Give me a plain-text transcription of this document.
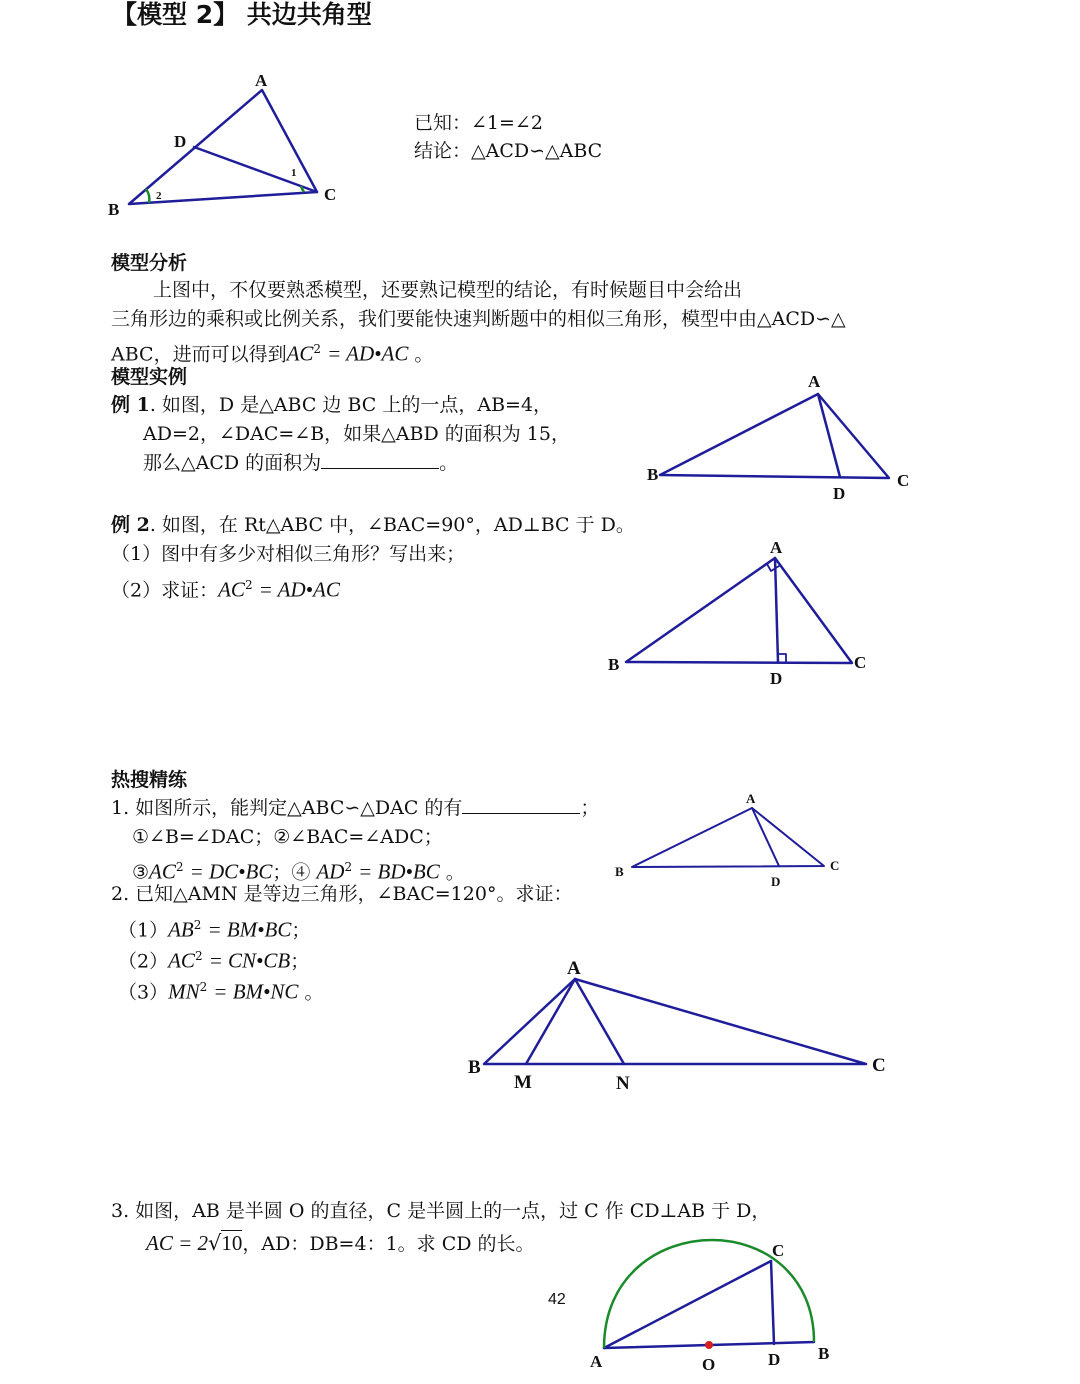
【模型 2】 共边共角型
已知：∠1=∠2
结论：△ACD∽△ABC
模型分析
上图中，不仅要熟悉模型，还要熟记模型的结论，有时候题目中会给出
三角形边的乘积或比例关系，我们要能快速判断题中的相似三角形，模型中由△ACD∽△
ABC，进而可以得到$AC^2$ = AD•AC 。
模型实例
例 1. 如图，D 是△ABC 边 BC 上的一点，AB=4，
AD=2，∠DAC=∠B，如果△ABD 的面积为 15，
那么△ACD 的面积为	。
例 2. 如图，在 Rt△ABC 中，∠BAC=90°，AD⊥BC 于 D。
（1）图中有多少对相似三角形？写出来；
（2）求证：$AC^2$ = AD•AC
热搜精练
1. 如图所示，能判定△ABC∽△DAC 的有	；
①∠B=∠DAC；②∠BAC=∠ADC；
$③AC^2$ = DC•BC；④ $AD^2$ = BD•BC 。
2. 已知△AMN 是等边三角形，∠BAC=120°。求证：
$(1)AB^2$ = BM•BC；
$(2)AC^2$ = CN•CB；
$(3)MN^2$ = BM•NC 。
3. 如图，AB 是半圆 O 的直径，C 是半圆上的一点，过 C 作 CD⊥AB 于 D，
AC = 2√10，AD：DB=4：1。求 CD 的长。
42
A
B
C
D
1
2
A
B	C
D
A
B	C
D
A
B	C
D
A
B	C
M	N
C
A	O	D B
